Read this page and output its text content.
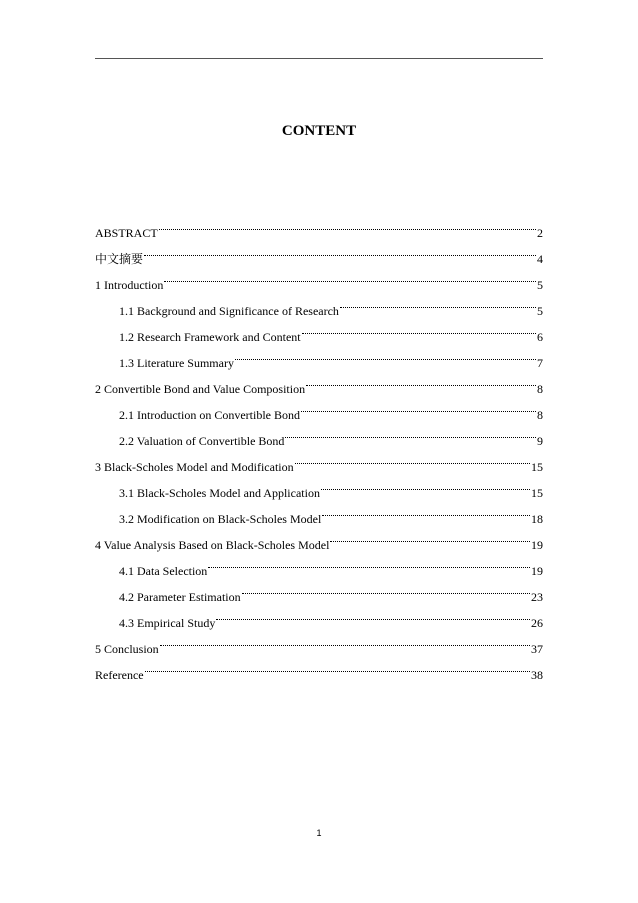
CONTENT
ABSTRACT	2
中文摘要	4
1 Introduction	5
1.1 Background and Significance of Research	5
1.2 Research Framework and Content	6
1.3 Literature Summary	7
2 Convertible Bond and Value Composition	8
2.1 Introduction on Convertible Bond	8
2.2 Valuation of Convertible Bond	9
3 Black-Scholes Model and Modification	15
3.1 Black-Scholes Model and Application	15
3.2 Modification on Black-Scholes Model	18
4 Value Analysis Based on Black-Scholes Model	19
4.1 Data Selection	19
4.2 Parameter Estimation	23
4.3 Empirical Study	26
5 Conclusion	37
Reference	38
1
